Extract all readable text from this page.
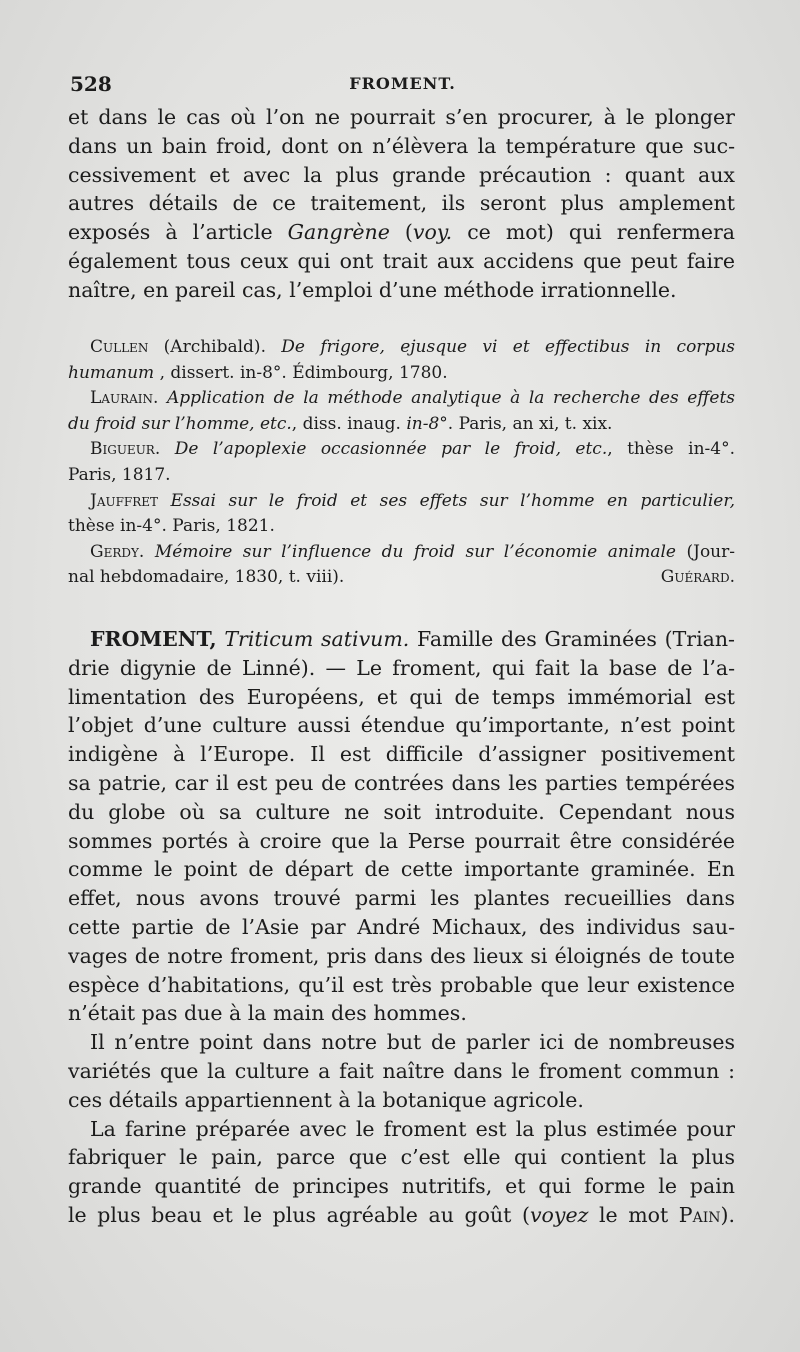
528	FROMENT.
et dans le cas où l’on ne pourrait s’en procurer, à le plonger
dans un bain froid, dont on n’élèvera la température que suc-
cessivement et avec la plus grande précaution : quant aux
autres détails de ce traitement, ils seront plus amplement
exposés à l’article Gangrène (voy. ce mot) qui renfermera
également tous ceux qui ont trait aux accidens que peut faire
naître, en pareil cas, l’emploi d’une méthode irrationnelle.
Cullen (Archibald). De frigore, ejusque vi et effectibus in corpus
humanum , dissert. in-8°. Édimbourg, 1780.
Laurain. Application de la méthode analytique à la recherche des effets
du froid sur l’homme, etc., diss. inaug. in-8°. Paris, an xi, t. xix.
Bigueur. De l’apoplexie occasionnée par le froid, etc., thèse in-4°.
Paris, 1817.
Jauffret Essai sur le froid et ses effets sur l’homme en particulier,
thèse in-4°. Paris, 1821.
Gerdy. Mémoire sur l’influence du froid sur l’économie animale (Jour-
nal hebdomadaire, 1830, t. viii).	Guérard.
FROMENT, Triticum sativum. Famille des Graminées (Trian-
drie digynie de Linné). — Le froment, qui fait la base de l’a-
limentation des Européens, et qui de temps immémorial est
l’objet d’une culture aussi étendue qu’importante, n’est point
indigène à l’Europe. Il est difficile d’assigner positivement
sa patrie, car il est peu de contrées dans les parties tempérées
du globe où sa culture ne soit introduite. Cependant nous
sommes portés à croire que la Perse pourrait être considérée
comme le point de départ de cette importante graminée. En
effet, nous avons trouvé parmi les plantes recueillies dans
cette partie de l’Asie par André Michaux, des individus sau-
vages de notre froment, pris dans des lieux si éloignés de toute
espèce d’habitations, qu’il est très probable que leur existence
n’était pas due à la main des hommes.
Il n’entre point dans notre but de parler ici de nombreuses
variétés que la culture a fait naître dans le froment commun :
ces détails appartiennent à la botanique agricole.
La farine préparée avec le froment est la plus estimée pour
fabriquer le pain, parce que c’est elle qui contient la plus
grande quantité de principes nutritifs, et qui forme le pain
le plus beau et le plus agréable au goût (voyez le mot Pain).
